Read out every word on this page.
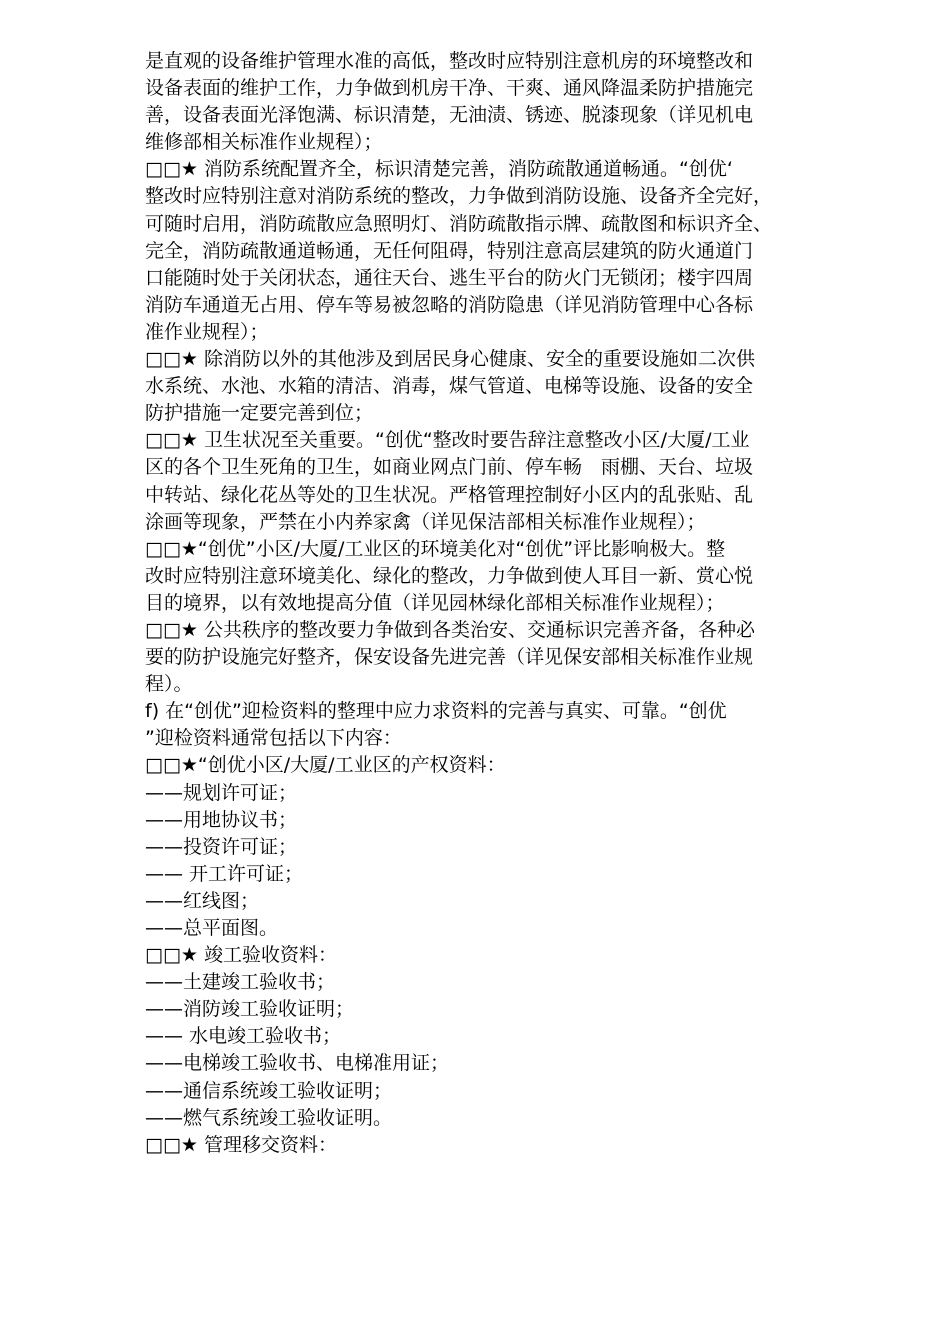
是直观的设备维护管理水准的高低，整改时应特别注意机房的环境整改和
设备表面的维护工作，力争做到机房干净、干爽、通风降温柔防护措施完
善，设备表面光泽饱满、标识清楚，无油渍、锈迹、脱漆现象（详见机电
维修部相关标准作业规程）；
□□★ 消防系统配置齐全，标识清楚完善，消防疏散通道畅通。“创优‘
整改时应特别注意对消防系统的整改，力争做到消防设施、设备齐全完好，
可随时启用，消防疏散应急照明灯、消防疏散指示牌、疏散图和标识齐全、
完全，消防疏散通道畅通，无任何阻碍，特别注意高层建筑的防火通道门
口能随时处于关闭状态，通往天台、逃生平台的防火门无锁闭；楼宇四周
消防车通道无占用、停车等易被忽略的消防隐患（详见消防管理中心各标
准作业规程）；
□□★ 除消防以外的其他涉及到居民身心健康、安全的重要设施如二次供
水系统、水池、水箱的清洁、消毒，煤气管道、电梯等设施、设备的安全
防护措施一定要完善到位；
□□★ 卫生状况至关重要。“创优“整改时要告辞注意整改小区/大厦/工业
区的各个卫生死角的卫生，如商业网点门前、停车畅　雨棚、天台、垃圾
中转站、绿化花丛等处的卫生状况。严格管理控制好小区内的乱张贴、乱
涂画等现象，严禁在小内养家禽（详见保洁部相关标准作业规程）；
□□★“创优”小区/大厦/工业区的环境美化对“创优”评比影响极大。整
改时应特别注意环境美化、绿化的整改，力争做到使人耳目一新、赏心悦
目的境界，以有效地提高分值（详见园林绿化部相关标准作业规程）；
□□★ 公共秩序的整改要力争做到各类治安、交通标识完善齐备，各种必
要的防护设施完好整齐，保安设备先进完善（详见保安部相关标准作业规
程）。
f) 在“创优”迎检资料的整理中应力求资料的完善与真实、可靠。“创优
”迎检资料通常包括以下内容：
□□★“创优小区/大厦/工业区的产权资料：
——规划许可证；
——用地协议书；
——投资许可证；
—— 开工许可证；
——红线图；
——总平面图。
□□★ 竣工验收资料：
——土建竣工验收书；
——消防竣工验收证明；
—— 水电竣工验收书；
——电梯竣工验收书、电梯准用证；
——通信系统竣工验收证明；
——燃气系统竣工验收证明。
□□★ 管理移交资料：
